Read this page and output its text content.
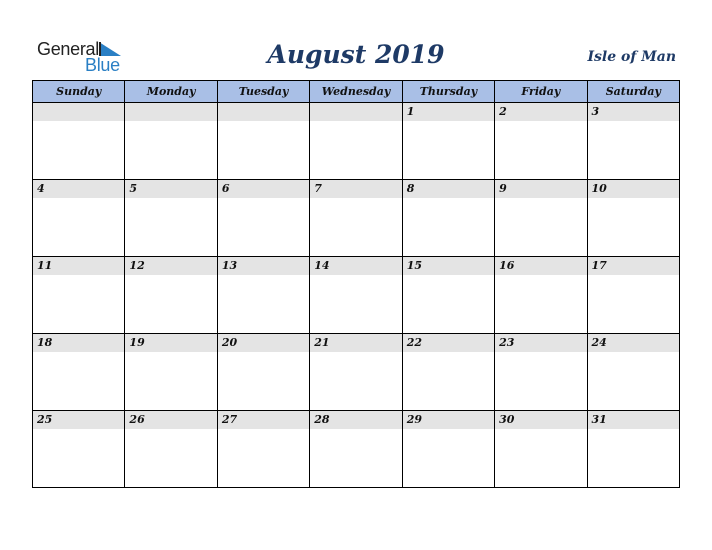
General
Blue	August 2019	Isle of Man
Sunday	Monday	Tuesday	Wednesday	Thursday	Friday	Saturday

				1	2	3

4	5	6	7	8	9	10

11	12	13	14	15	16	17

18	19	20	21	22	23	24

25	26	27	28	29	30	31
